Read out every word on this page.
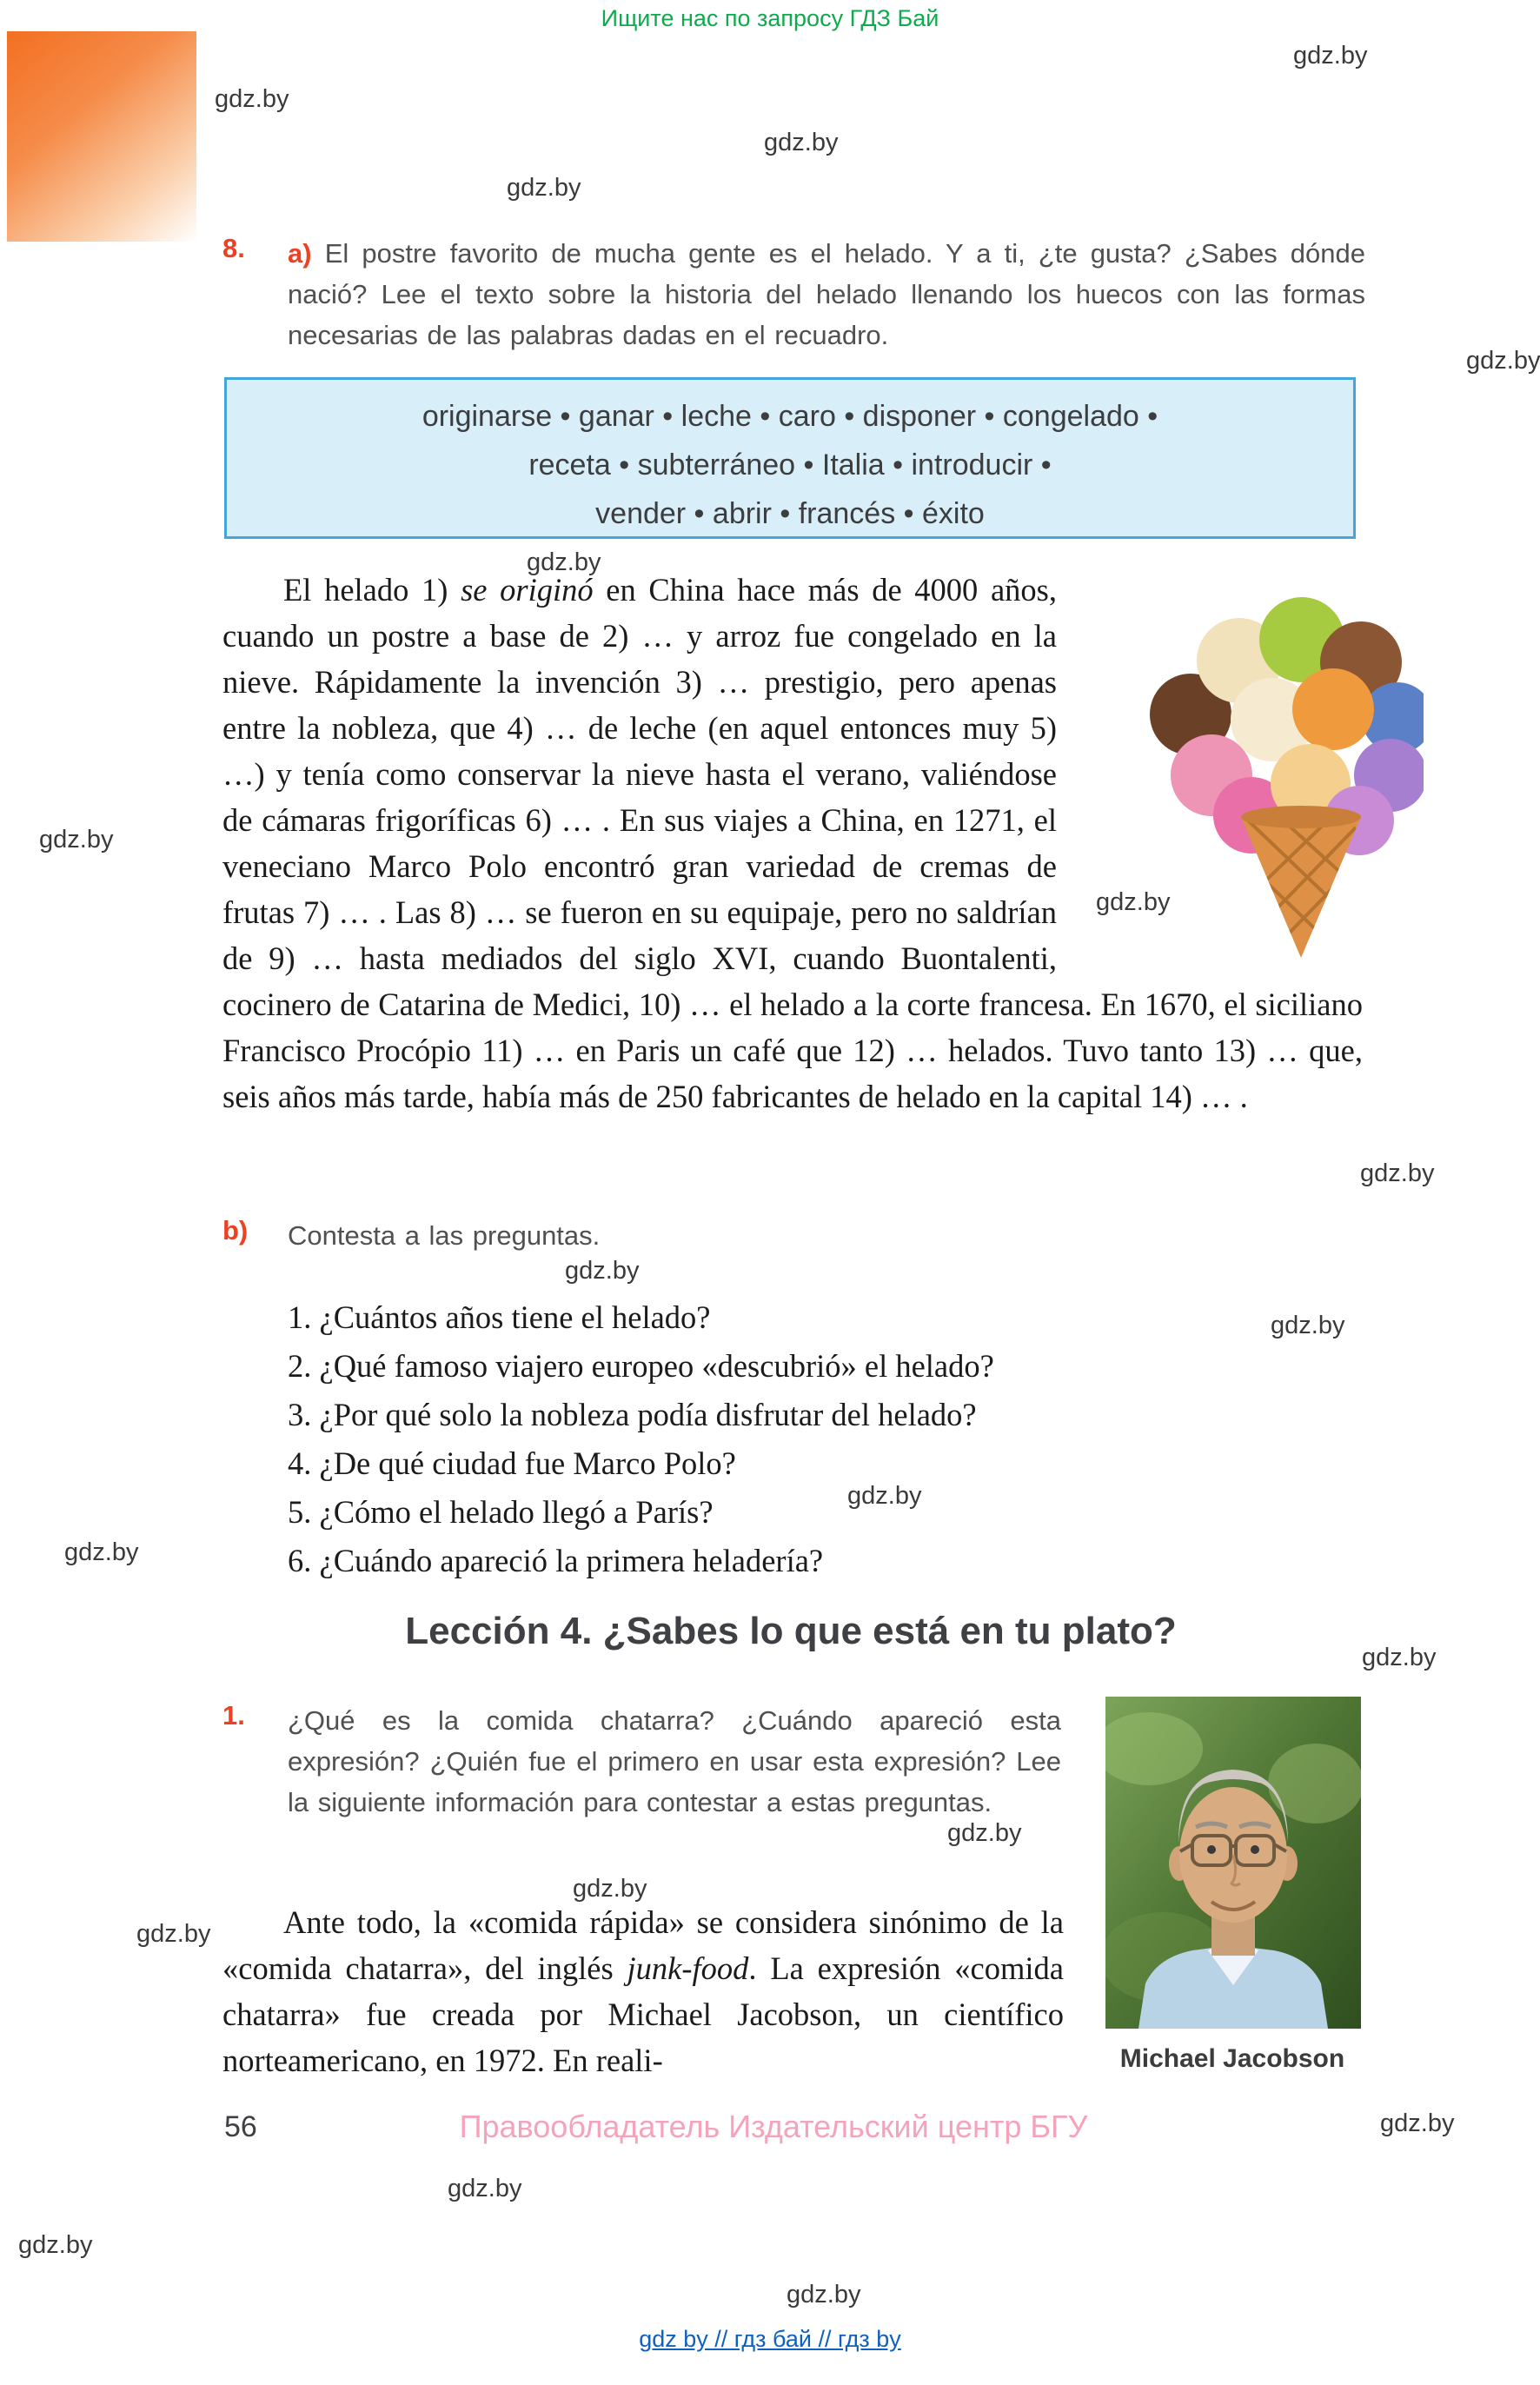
Ищите нас по запросу ГДЗ Бай
gdz.by
gdz.by
gdz.by
gdz.by
gdz.by
gdz.by
gdz.by
gdz.by
gdz.by
gdz.by
gdz.by
gdz.by
gdz.by
gdz.by
gdz.by
gdz.by
gdz.by
gdz.by
gdz.by
gdz.by
gdz.by
8.	a) El postre favorito de mucha gente es el helado. Y a ti, ¿te gusta? ¿Sabes dónde nació? Lee el texto sobre la historia del helado llenando los huecos con las formas necesarias de las palabras dadas en el recuadro.
originarse • ganar • leche • caro • disponer • congelado •
receta • subterráneo • Italia • introducir •
vender • abrir • francés • éxito

El helado 1) se originó en China hace más de 4000 años, cuando un postre a base de 2) … y arroz fue congelado en la nieve. Rápidamente la invención 3) … prestigio, pero apenas entre la nobleza, que 4) … de leche (en aquel entonces muy 5) …) y tenía como conservar la nieve hasta el verano, valiéndose de cámaras frigoríficas 6) … . En sus viajes a China, en 1271, el veneciano Marco Polo encontró gran variedad de cremas de frutas 7) … . Las 8) … se fueron en su equipaje, pero no saldrían de 9) … hasta mediados del siglo XVI, cuando Buontalenti, cocinero de Catarina de Medici, 10) … el helado a la corte francesa. En 1670, el siciliano Francisco Procópio 11) … en Paris un café que 12) … helados. Tuvo tanto 13) … que, seis años más tarde, había más de 250 fabricantes de helado en la capital 14) … .

b)	Contesta a las preguntas.
1. ¿Cuántos años tiene el helado?
2. ¿Qué famoso viajero europeo «descubrió» el helado?
3. ¿Por qué solo la nobleza podía disfrutar del helado?
4. ¿De qué ciudad fue Marco Polo?
5. ¿Cómo el helado llegó a París?
6. ¿Cuándo apareció la primera heladería?
Lección 4. ¿Sabes lo que está en tu plato?
1.	¿Qué es la comida chatarra? ¿Cuándo apareció esta expresión? ¿Quién fue el primero en usar esta expresión? Lee la siguiente información para contestar a estas preguntas.
Michael Jacobson

Ante todo, la «comida rápida» se considera sinónimo de la «comida chatarra», del inglés junk-food. La expresión «comida chatarra» fue creada por Michael Jacobson, un científico norteamericano, en 1972. En reali-

56	Правообладатель Издательский центр БГУ
gdz by // гдз бай // гдз by
